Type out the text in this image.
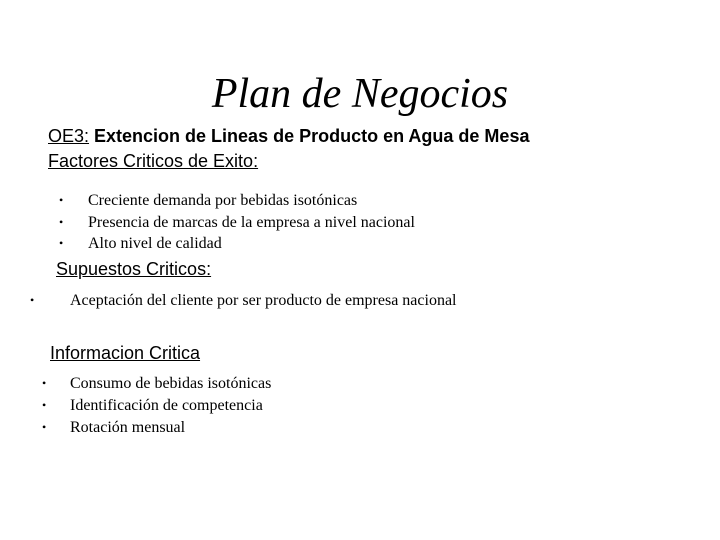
Plan de Negocios
OE3: Extencion de Lineas de Producto en Agua de Mesa
Factores Criticos de Exito:
• Creciente demanda por bebidas isotónicas
• Presencia de marcas de la empresa a nivel nacional
• Alto nivel de calidad
Supuestos Criticos:
• Aceptación del cliente por ser producto de empresa nacional
Informacion Critica
• Consumo de bebidas isotónicas
• Identificación de competencia
• Rotación mensual
